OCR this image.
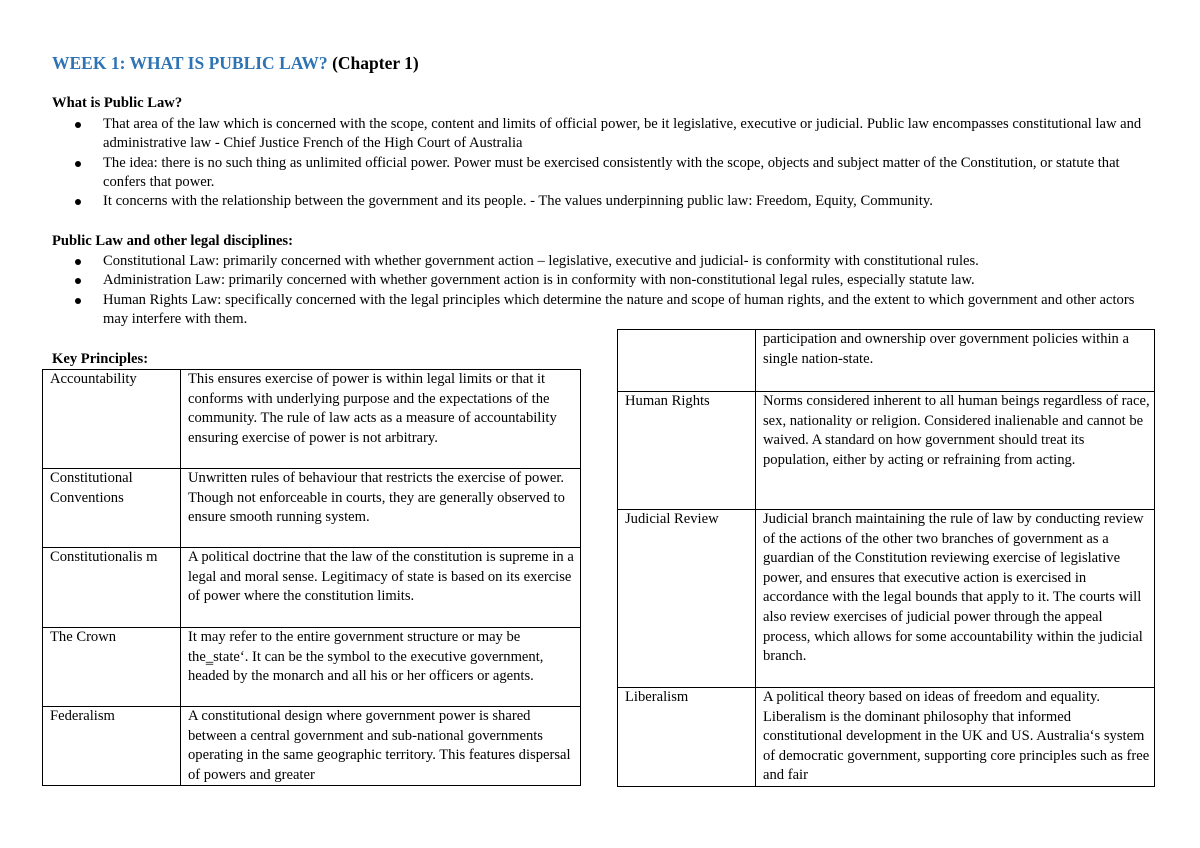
WEEK 1: WHAT IS PUBLIC LAW? (Chapter 1)
What is Public Law?
That area of the law which is concerned with the scope, content and limits of official power, be it legislative, executive or judicial. Public law encompasses constitutional law and administrative law - Chief Justice French of the High Court of Australia
The idea: there is no such thing as unlimited official power. Power must be exercised consistently with the scope, objects and subject matter of the Constitution, or statute that confers that power.
It concerns with the relationship between the government and its people. - The values underpinning public law: Freedom, Equity, Community.
Public Law and other legal disciplines:
Constitutional Law: primarily concerned with whether government action – legislative, executive and judicial- is conformity with constitutional rules.
Administration Law: primarily concerned with whether government action is in conformity with non-constitutional legal rules, especially statute law.
Human Rights Law: specifically concerned with the legal principles which determine the nature and scope of human rights, and the extent to which government and other actors may interfere with them.
Key Principles:
Accountability	This ensures exercise of power is within legal limits or that it conforms with underlying purpose and the expectations of the community. The rule of law acts as a measure of accountability ensuring exercise of power is not arbitrary.
Constitutional Conventions	Unwritten rules of behaviour that restricts the exercise of power. Though not enforceable in courts, they are generally observed to ensure smooth running system.
Constitutionalis m	A political doctrine that the law of the constitution is supreme in a legal and moral sense. Legitimacy of state is based on its exercise of power where the constitution limits.
The Crown	It may refer to the entire government structure or may be the‗state‘. It can be the symbol to the executive government, headed by the monarch and all his or her officers or agents.
Federalism	A constitutional design where government power is shared between a central government and sub-national governments operating in the same geographic territory. This features dispersal of powers and greater
	participation and ownership over government policies within a single nation-state.
Human Rights	Norms considered inherent to all human beings regardless of race, sex, nationality or religion. Considered inalienable and cannot be waived. A standard on how government should treat its population, either by acting or refraining from acting.
Judicial Review	Judicial branch maintaining the rule of law by conducting review of the actions of the other two branches of government as a guardian of the Constitution reviewing exercise of legislative power, and ensures that executive action is exercised in accordance with the legal bounds that apply to it. The courts will also review exercises of judicial power through the appeal process, which allows for some accountability within the judicial branch.
Liberalism	A political theory based on ideas of freedom and equality. Liberalism is the dominant philosophy that informed constitutional development in the UK and US. Australia‘s system of democratic government, supporting core principles such as free and fair
